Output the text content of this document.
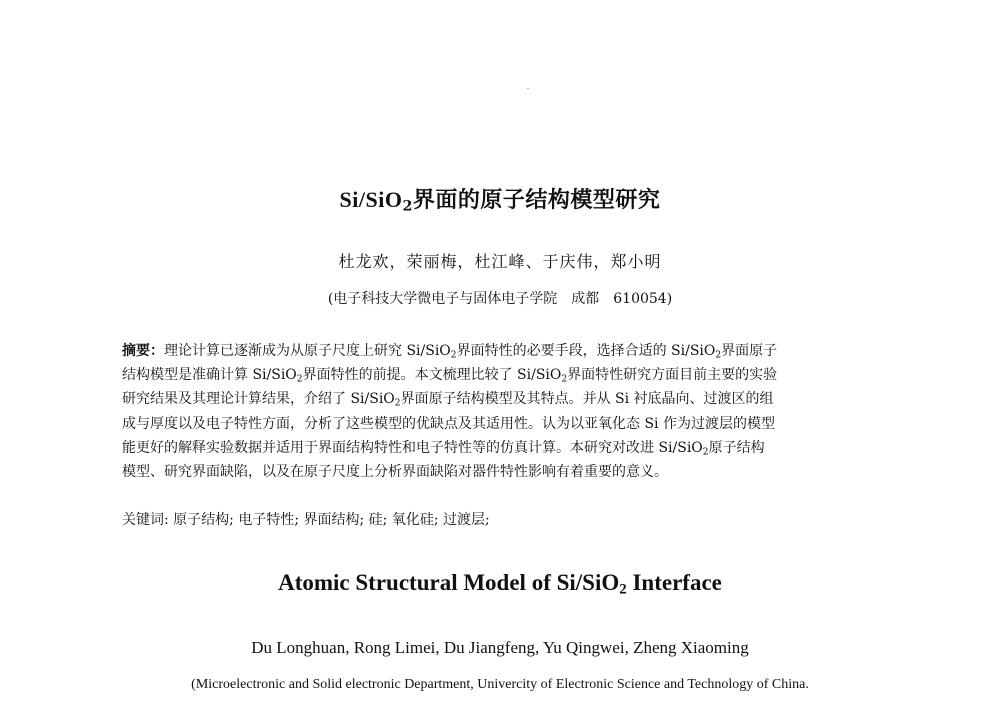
Si/SiO$_2$界面的原子结构模型研究
杜龙欢，荣丽梅，杜江峰、于庆伟，郑小明
(电子科技大学微电子与固体电子学院　成都　610054)
摘要：理论计算已逐渐成为从原子尺度上研究 Si/SiO$_2$界面特性的必要手段，选择合适的 Si/SiO$_2$界面原子
结构模型是准确计算 Si/SiO$_2$界面特性的前提。本文梳理比较了 Si/SiO$_2$界面特性研究方面目前主要的实验
研究结果及其理论计算结果，介绍了 Si/SiO$_2$界面原子结构模型及其特点。并从 Si 衬底晶向、过渡区的组
成与厚度以及电子特性方面，分析了这些模型的优缺点及其适用性。认为以亚氧化态 Si 作为过渡层的模型
能更好的解释实验数据并适用于界面结构特性和电子特性等的仿真计算。本研究对改进 Si/SiO$_2$原子结构
模型、研究界面缺陷，以及在原子尺度上分析界面缺陷对器件特性影响有着重要的意义。
关键词: 原子结构; 电子特性; 界面结构; 硅; 氧化硅; 过渡层;
Atomic Structural Model of Si/SiO$_2$ Interface
Du Longhuan, Rong Limei, Du Jiangfeng, Yu Qingwei, Zheng Xiaoming
(Microelectronic and Solid electronic Department, Univercity of Electronic Science and Technology of China.
